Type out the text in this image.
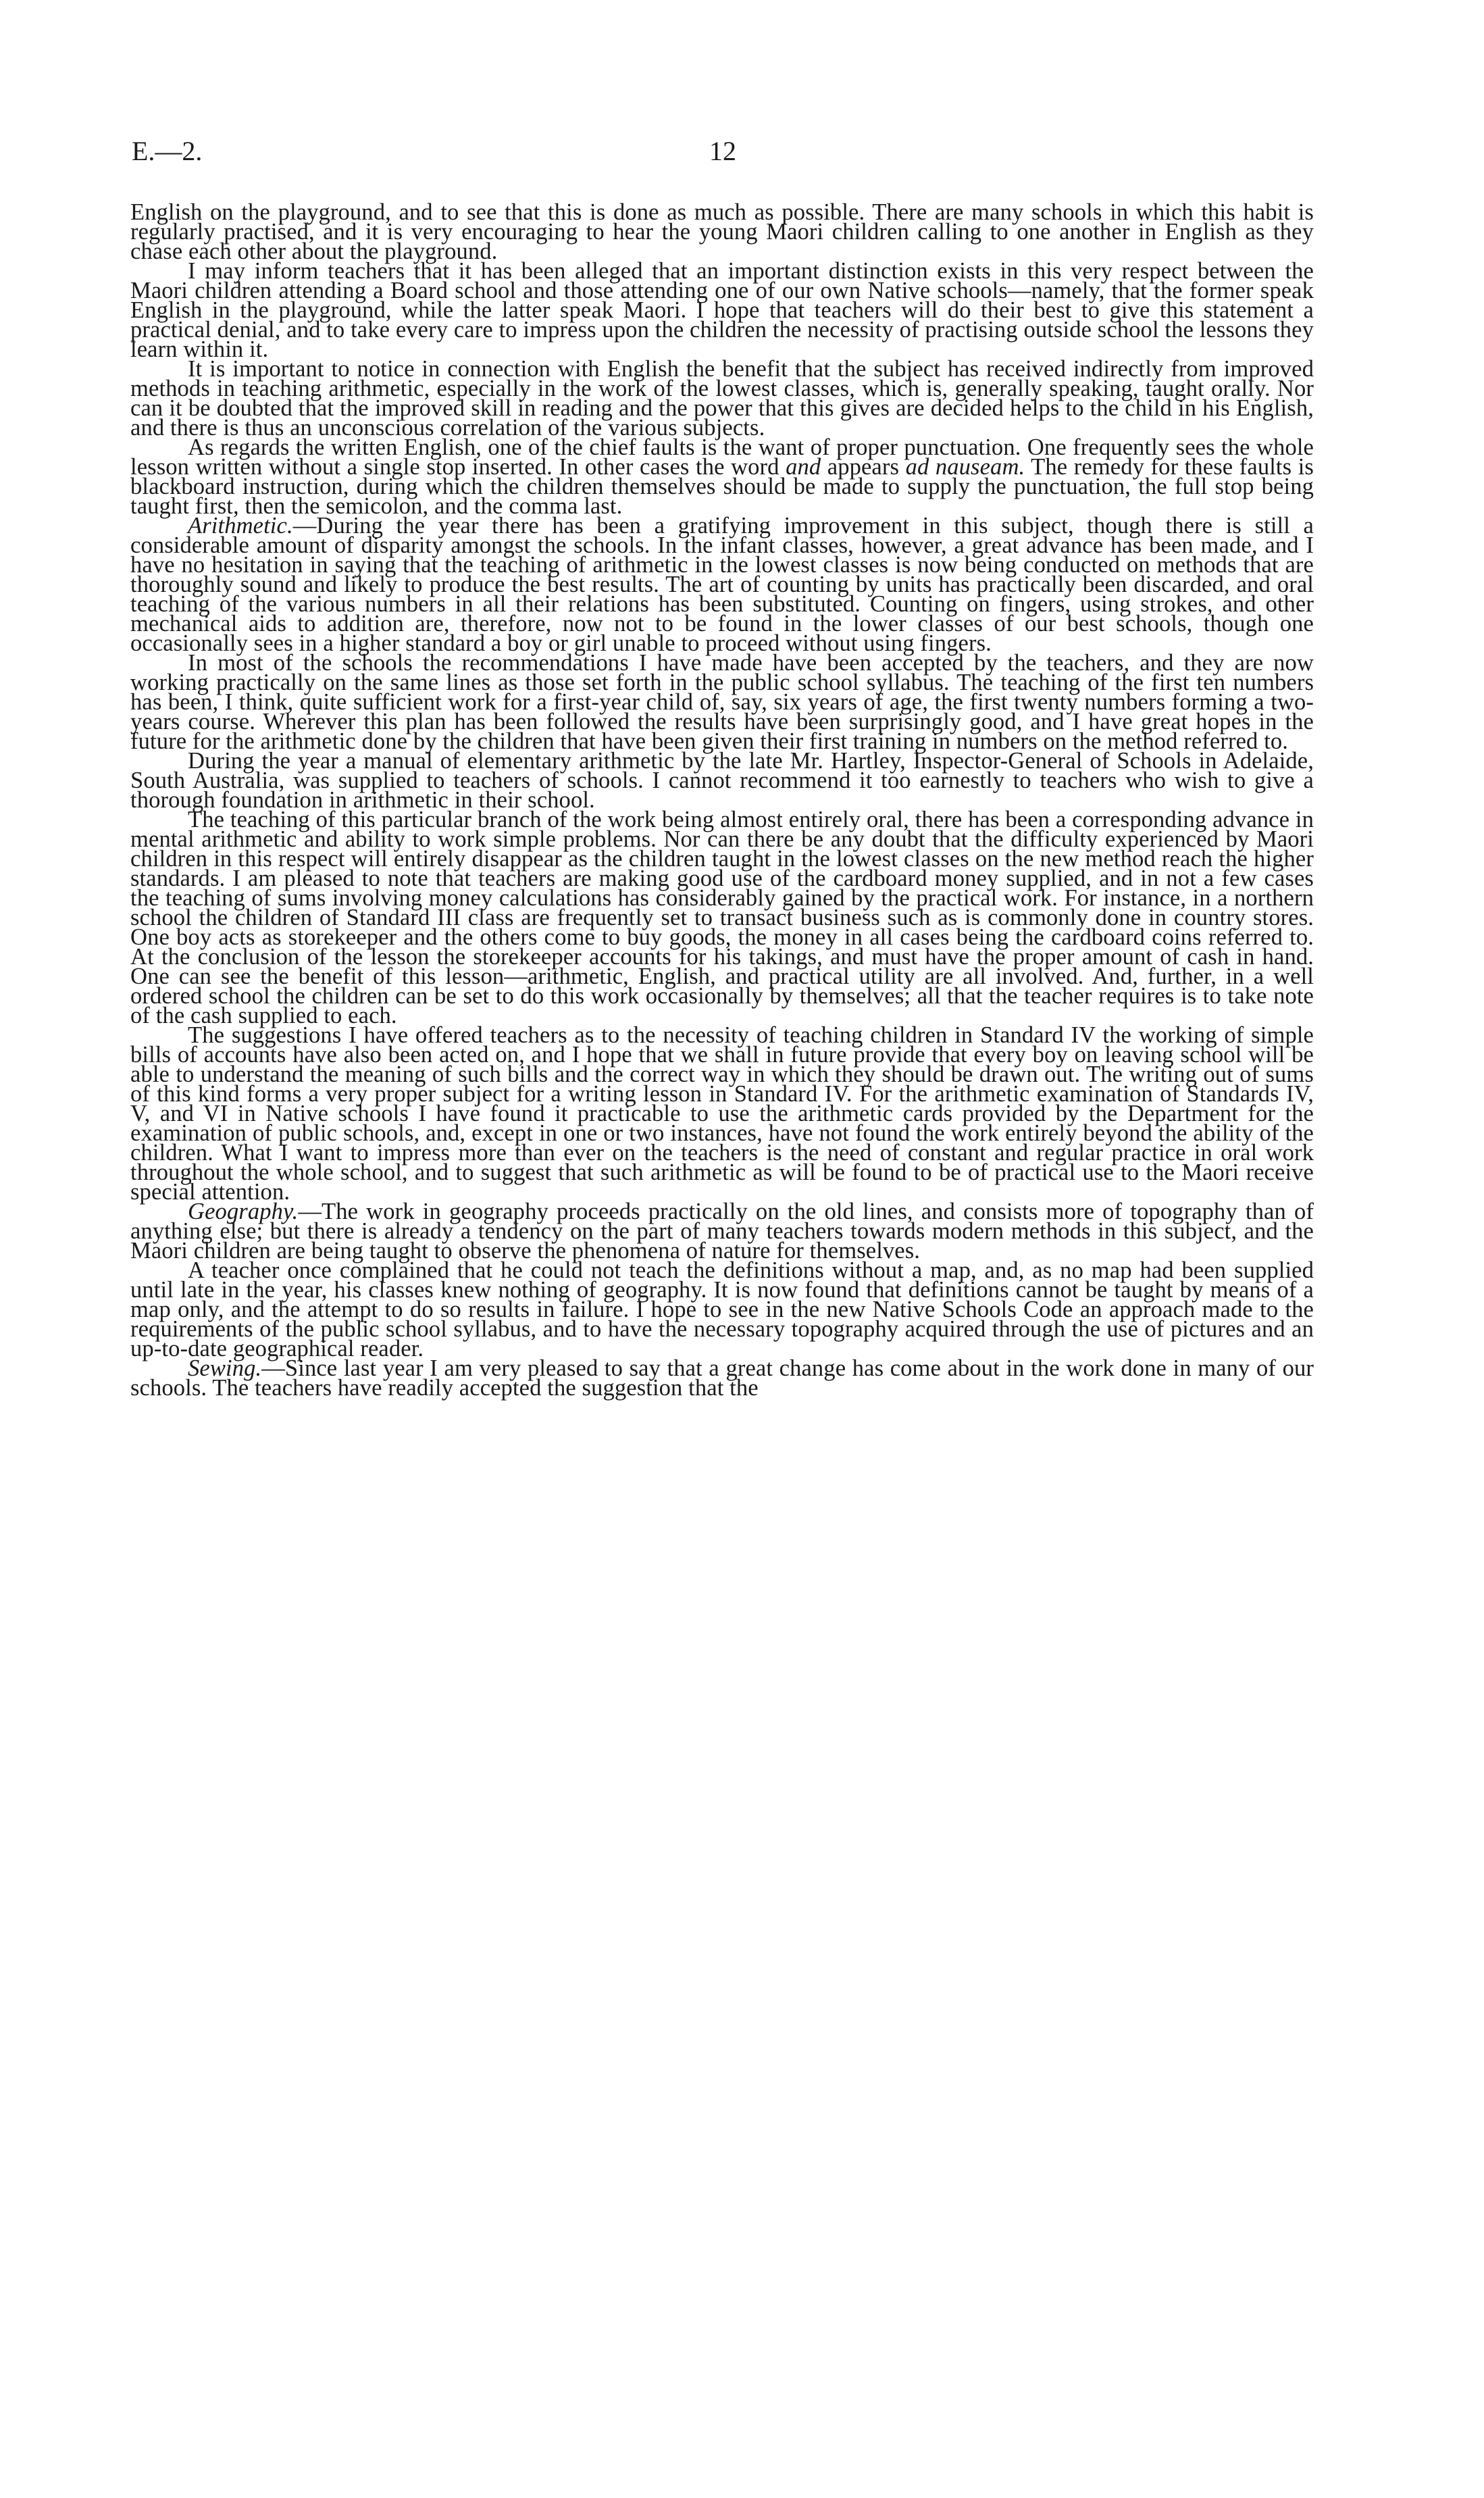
E.—2.	12

English on the playground, and to see that this is done as much as possible. There are many schools in which this habit is regularly practised, and it is very encouraging to hear the young Maori children calling to one another in English as they chase each other about the playground.

I may inform teachers that it has been alleged that an important distinction exists in this very respect between the Maori children attending a Board school and those attending one of our own Native schools—namely, that the former speak English in the playground, while the latter speak Maori. I hope that teachers will do their best to give this statement a practical denial, and to take every care to impress upon the children the necessity of practising outside school the lessons they learn within it.

It is important to notice in connection with English the benefit that the subject has received indirectly from improved methods in teaching arithmetic, especially in the work of the lowest classes, which is, generally speaking, taught orally. Nor can it be doubted that the improved skill in reading and the power that this gives are decided helps to the child in his English, and there is thus an unconscious correlation of the various subjects.

As regards the written English, one of the chief faults is the want of proper punctuation. One frequently sees the whole lesson written without a single stop inserted. In other cases the word and appears ad nauseam. The remedy for these faults is blackboard instruction, during which the children themselves should be made to supply the punctuation, the full stop being taught first, then the semicolon, and the comma last.

Arithmetic.—During the year there has been a gratifying improvement in this subject, though there is still a considerable amount of disparity amongst the schools. In the infant classes, however, a great advance has been made, and I have no hesitation in saying that the teaching of arithmetic in the lowest classes is now being conducted on methods that are thoroughly sound and likely to produce the best results. The art of counting by units has practically been discarded, and oral teaching of the various numbers in all their relations has been substituted. Counting on fingers, using strokes, and other mechanical aids to addition are, therefore, now not to be found in the lower classes of our best schools, though one occasionally sees in a higher standard a boy or girl unable to proceed without using fingers.

In most of the schools the recommendations I have made have been accepted by the teachers, and they are now working practically on the same lines as those set forth in the public school syllabus. The teaching of the first ten numbers has been, I think, quite sufficient work for a first-year child of, say, six years of age, the first twenty numbers forming a two-years course. Wherever this plan has been followed the results have been surprisingly good, and I have great hopes in the future for the arithmetic done by the children that have been given their first training in numbers on the method referred to.

During the year a manual of elementary arithmetic by the late Mr. Hartley, Inspector-General of Schools in Adelaide, South Australia, was supplied to teachers of schools. I cannot recommend it too earnestly to teachers who wish to give a thorough foundation in arithmetic in their school.

The teaching of this particular branch of the work being almost entirely oral, there has been a corresponding advance in mental arithmetic and ability to work simple problems. Nor can there be any doubt that the difficulty experienced by Maori children in this respect will entirely disappear as the children taught in the lowest classes on the new method reach the higher standards. I am pleased to note that teachers are making good use of the cardboard money supplied, and in not a few cases the teaching of sums involving money calculations has considerably gained by the practical work. For instance, in a northern school the children of Standard III class are frequently set to transact business such as is commonly done in country stores. One boy acts as storekeeper and the others come to buy goods, the money in all cases being the cardboard coins referred to. At the conclusion of the lesson the storekeeper accounts for his takings, and must have the proper amount of cash in hand. One can see the benefit of this lesson—arithmetic, English, and practical utility are all involved. And, further, in a well ordered school the children can be set to do this work occasionally by themselves; all that the teacher requires is to take note of the cash supplied to each.

The suggestions I have offered teachers as to the necessity of teaching children in Standard IV the working of simple bills of accounts have also been acted on, and I hope that we shall in future provide that every boy on leaving school will be able to understand the meaning of such bills and the correct way in which they should be drawn out. The writing out of sums of this kind forms a very proper subject for a writing lesson in Standard IV. For the arithmetic examination of Standards IV, V, and VI in Native schools I have found it practicable to use the arithmetic cards provided by the Department for the examination of public schools, and, except in one or two instances, have not found the work entirely beyond the ability of the children. What I want to impress more than ever on the teachers is the need of constant and regular practice in oral work throughout the whole school, and to suggest that such arithmetic as will be found to be of practical use to the Maori receive special attention.

Geography.—The work in geography proceeds practically on the old lines, and consists more of topography than of anything else; but there is already a tendency on the part of many teachers towards modern methods in this subject, and the Maori children are being taught to observe the phenomena of nature for themselves.

A teacher once complained that he could not teach the definitions without a map, and, as no map had been supplied until late in the year, his classes knew nothing of geography. It is now found that definitions cannot be taught by means of a map only, and the attempt to do so results in failure. I hope to see in the new Native Schools Code an approach made to the requirements of the public school syllabus, and to have the necessary topography acquired through the use of pictures and an up-to-date geographical reader.

Sewing.—Since last year I am very pleased to say that a great change has come about in the work done in many of our schools. The teachers have readily accepted the suggestion that the
